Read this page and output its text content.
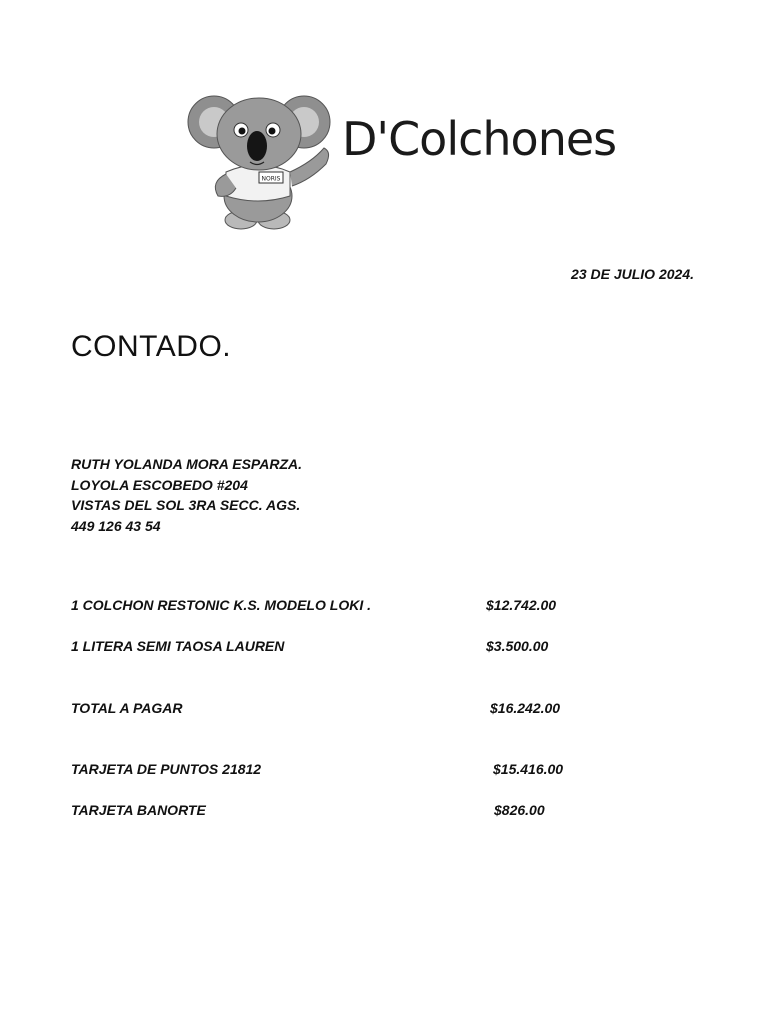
NORIS
D'Colchones
23 DE JULIO 2024.
CONTADO.
RUTH YOLANDA MORA ESPARZA.
LOYOLA ESCOBEDO #204
VISTAS DEL SOL 3RA SECC. AGS.
449 126 43 54
1 COLCHON RESTONIC K.S. MODELO LOKI .	$12.742.00
1 LITERA SEMI TAOSA LAUREN	$3.500.00
TOTAL A PAGAR	$16.242.00
TARJETA DE PUNTOS 21812	$15.416.00
TARJETA BANORTE	$826.00
